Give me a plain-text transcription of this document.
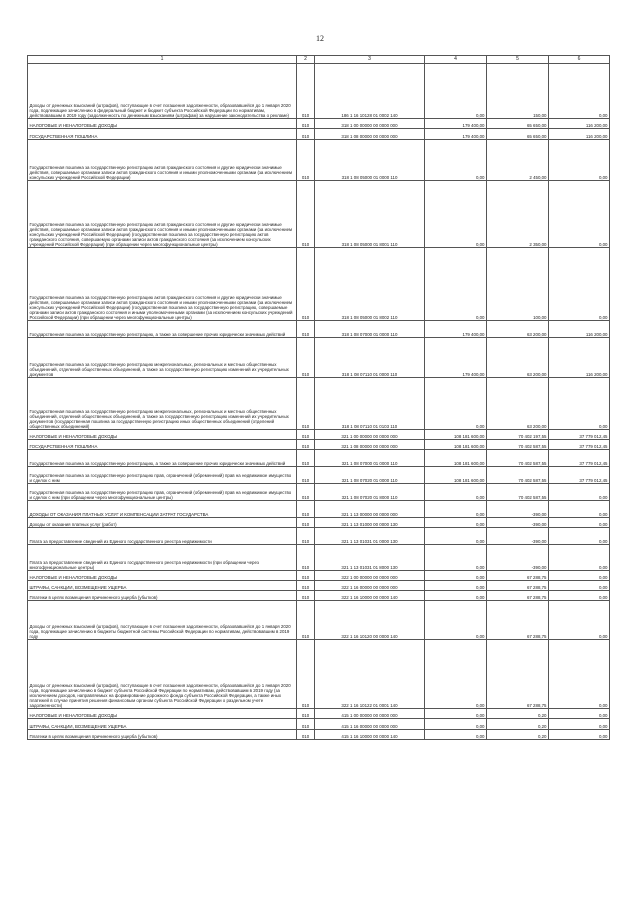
12
1	2	3	4	5	6
Доходы от денежных взысканий (штрафов), поступающие в счет погашения задолженности, образовавшейся до 1 января 2020 года, подлежащие зачислению в федеральный бюджет и бюджет субъекта Российской Федерации по нормативам, действовавшим в 2019 году (задолженность по денежным взысканиям (штрафам) за нарушение законодательства о рекламе)	010	186 1 16 10128 01 0002 140	0,00	150,00	0,00
НАЛОГОВЫЕ И НЕНАЛОГОВЫЕ ДОХОДЫ	010	318 1 00 00000 00 0000 000	179 400,00	65 650,00	116 200,00
ГОСУДАРСТВЕННАЯ ПОШЛИНА	010	318 1 08 00000 00 0000 000	179 400,00	65 650,00	116 200,00
Государственная пошлина за государственную регистрацию актов гражданского состояния и другие юридически значимые действия, совершаемые органами записи актов гражданского состояния и иными уполномоченными органами (за исключением консульских учреждений Российской Федерации)	010	318 1 08 05000 01 0000 110	0,00	2 450,00	0,00
Государственная пошлина за государственную регистрацию актов гражданского состояния и другие юридически значимые действия, совершаемые органами записи актов гражданского состояния и иными уполномоченными органами (за исключением консульских учреждений Российской Федерации) (государственная пошлина за государственную регистрацию актов гражданского состояния, совершаемую органами записи актов гражданского состояния (за исключением консульских учреждений Российской Федерации) (при обращении через многофункциональные центры)	010	318 1 08 05000 01 8001 110	0,00	2 350,00	0,00
Государственная пошлина за государственную регистрацию актов гражданского состояния и другие юридически значимые действия, совершаемые органами записи актов гражданского состояния и иными уполномоченными органами (за исключением консульских учреждений Российской Федерации) (государственная пошлина за государственную регистрацию, совершаемые органами записи актов гражданского состояния и иными уполномоченными органами (за исключением консульских учреждений Российской Федерации) (при обращении через многофункциональные центры)	010	318 1 08 05000 01 8002 110	0,00	100,00	0,00
Государственная пошлина за государственную регистрацию, а также за совершение прочих юридически значимых действий	010	318 1 08 07000 01 0000 110	179 400,00	63 200,00	116 200,00
Государственная пошлина за государственную регистрацию межрегиональных, региональных и местных общественных объединений, отделений общественных объединений, а также за государственную регистрацию изменений их учредительных документов	010	318 1 08 07110 01 0000 110	179 400,00	63 200,00	116 200,00
Государственная пошлина за государственную регистрацию межрегиональных, региональных и местных общественных объединений, отделений общественных объединений, а также за государственную регистрацию изменений их учредительных документов (государственная пошлина за государственную регистрацию иных общественных объединений (отделений общественных объединений)	010	318 1 08 07110 01 0103 110	0,00	63 200,00	0,00
НАЛОГОВЫЕ И НЕНАЛОГОВЫЕ ДОХОДЫ	010	321 1 00 00000 00 0000 000	108 181 600,00	70 402 197,55	37 779 012,45
ГОСУДАРСТВЕННАЯ ПОШЛИНА	010	321 1 08 00000 00 0000 000	108 181 600,00	70 402 587,55	37 779 012,45
Государственная пошлина за государственную регистрацию, а также за совершение прочих юридически значимых действий	010	321 1 08 07000 01 0000 110	108 181 600,00	70 402 587,55	37 779 012,45
Государственная пошлина за государственную регистрацию прав, ограничений (обременений) прав на недвижимое имущество и сделок с ним	010	321 1 08 07020 01 0000 110	108 181 600,00	70 402 587,55	37 779 012,45
Государственная пошлина за государственную регистрацию прав, ограничений (обременений) прав на недвижимое имущество и сделок с ним (при обращении через многофункциональные центры)	010	321 1 08 07020 01 8000 110	0,00	70 402 587,55	0,00
ДОХОДЫ ОТ ОКАЗАНИЯ ПЛАТНЫХ УСЛУГ И КОМПЕНСАЦИИ ЗАТРАТ ГОСУДАРСТВА	010	321 1 13 00000 00 0000 000	0,00	-390,00	0,00
Доходы от оказания платных услуг (работ)	010	321 1 13 01000 00 0000 130	0,00	-390,00	0,00
Плата за предоставление сведений из Единого государственного реестра недвижимости	010	321 1 13 01031 01 0000 130	0,00	-390,00	0,00
Плата за предоставление сведений из Единого государственного реестра недвижимости (при обращении через многофункциональные центры)	010	321 1 13 01031 01 8000 130	0,00	-390,00	0,00
НАЛОГОВЫЕ И НЕНАЛОГОВЫЕ ДОХОДЫ	010	322 1 00 00000 00 0000 000	0,00	67 288,75	0,00
ШТРАФЫ, САНКЦИИ, ВОЗМЕЩЕНИЕ УЩЕРБА	010	322 1 16 00000 00 0000 000	0,00	67 288,75	0,00
Платежи в целях возмещения причиненного ущерба (убытков)	010	322 1 16 10000 00 0000 140	0,00	67 288,75	0,00
Доходы от денежных взысканий (штрафов), поступающие в счет погашения задолженности, образовавшейся до 1 января 2020 года, подлежащие зачислению в бюджеты бюджетной системы Российской Федерации по нормативам, действовавшим в 2019 году	010	322 1 16 10120 00 0000 140	0,00	67 288,75	0,00
Доходы от денежных взысканий (штрафов), поступающие в счет погашения задолженности, образовавшейся до 1 января 2020 года, подлежащие зачислению в бюджет субъекта Российской Федерации по нормативам, действовавшим в 2019 году (за исключением доходов, направляемых на формирование дорожного фонда субъекта Российской Федерации, а также иных платежей в случае принятия решения финансовым органом субъекта Российской Федерации о раздельном учете задолженности)	010	322 1 16 10122 01 0001 140	0,00	67 288,75	0,00
НАЛОГОВЫЕ И НЕНАЛОГОВЫЕ ДОХОДЫ	010	415 1 00 00000 00 0000 000	0,00	0,20	0,00
ШТРАФЫ, САНКЦИИ, ВОЗМЕЩЕНИЕ УЩЕРБА	010	415 1 16 00000 00 0000 000	0,00	0,20	0,00
Платежи в целях возмещения причиненного ущерба (убытков)	010	415 1 16 10000 00 0000 140	0,00	0,20	0,00
